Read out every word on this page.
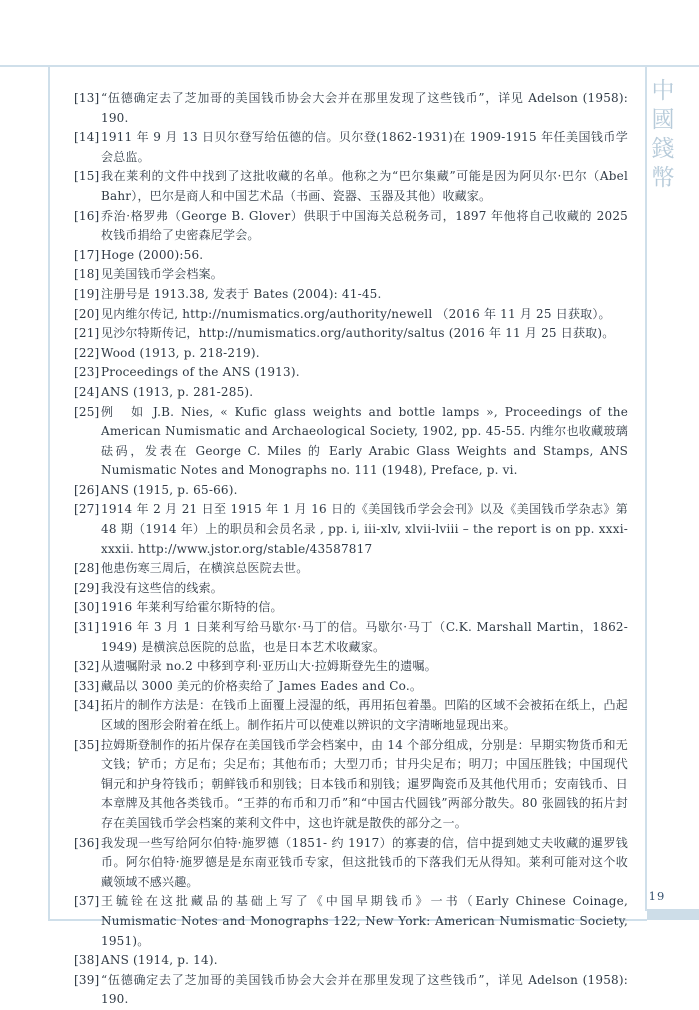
中
國
錢
幣
[13] “伍德确定去了芝加哥的美国钱币协会大会并在那里发现了这些钱币”，详见 Adelson (1958): 190.
[14] 1911 年 9 月 13 日贝尔登写给伍德的信。贝尔登(1862-1931)在 1909-1915 年任美国钱币学会总监。
[15] 我在莱利的文件中找到了这批收藏的名单。他称之为“巴尔集藏”可能是因为阿贝尔·巴尔（Abel Bahr），巴尔是商人和中国艺术品（书画、瓷器、玉器及其他）收藏家。
[16] 乔治·格罗弗（George B. Glover）供职于中国海关总税务司，1897 年他将自己收藏的 2025 枚钱币捐给了史密森尼学会。
[17] Hoge (2000):56.
[18] 见美国钱币学会档案。
[19] 注册号是 1913.38, 发表于 Bates (2004): 41-45.
[20] 见内维尔传记, http://numismatics.org/authority/newell （2016 年 11 月 25 日获取）。
[21] 见沙尔特斯传记，http://numismatics.org/authority/saltus (2016 年 11 月 25 日获取)。
[22] Wood (1913, p. 218-219).
[23] Proceedings of the ANS (1913).
[24] ANS (1913, p. 281-285).
[25] 例　如 J.B. Nies, « Kufic glass weights and bottle lamps », Proceedings of the American Numismatic and Archaeological Society, 1902, pp. 45-55. 内维尔也收藏玻璃砝码，发表在 George C. Miles 的 Early Arabic Glass Weights and Stamps, ANS Numismatic Notes and Monographs no. 111 (1948), Preface, p. vi.
[26] ANS (1915, p. 65-66).
[27] 1914 年 2 月 21 日至 1915 年 1 月 16 日的《美国钱币学会会刊》以及《美国钱币学杂志》第 48 期（1914 年）上的职员和会员名录 , pp. i, iii-xlv, xlvii-lviii – the report is on pp. xxxi-xxxii. http://www.jstor.org/stable/43587817
[28] 他患伤寒三周后，在横滨总医院去世。
[29] 我没有这些信的线索。
[30] 1916 年莱利写给霍尔斯特的信。
[31] 1916 年 3 月 1 日莱利写给马歇尔·马丁的信。马歇尔·马丁（C.K. Marshall Martin，1862-1949) 是横滨总医院的总监，也是日本艺术收藏家。
[32] 从遗嘱附录 no.2 中移到亨利·亚历山大·拉姆斯登先生的遗嘱。
[33] 藏品以 3000 美元的价格卖给了 James Eades and Co.。
[34] 拓片的制作方法是：在钱币上面覆上浸湿的纸，再用拓包着墨。凹陷的区域不会被拓在纸上，凸起区域的图形会附着在纸上。制作拓片可以使难以辨识的文字清晰地显现出来。
[35] 拉姆斯登制作的拓片保存在美国钱币学会档案中，由 14 个部分组成，分别是：早期实物货币和无文钱；铲币；方足布；尖足布；其他布币；大型刀币；甘丹尖足布；明刀；中国压胜钱；中国现代铜元和护身符钱币；朝鲜钱币和别钱；日本钱币和别钱；暹罗陶瓷币及其他代用币；安南钱币、日本章牌及其他各类钱币。“王莽的布币和刀币”和“中国古代圆钱”两部分散失。80 张圆钱的拓片封存在美国钱币学会档案的莱利文件中，这也许就是散佚的部分之一。
[36] 我发现一些写给阿尔伯特·施罗德（1851- 约 1917）的寡妻的信，信中提到她丈夫收藏的暹罗钱币。阿尔伯特·施罗德是是东南亚钱币专家，但这批钱币的下落我们无从得知。莱利可能对这个收藏领域不感兴趣。
[37] 王毓铨在这批藏品的基础上写了《中国早期钱币》一书（Early Chinese Coinage, Numismatic Notes and Monographs 122, New York: American Numismatic Society, 1951)。
[38] ANS (1914, p. 14).
[39] “伍德确定去了芝加哥的美国钱币协会大会并在那里发现了这些钱币”，详见 Adelson (1958): 190.
19
